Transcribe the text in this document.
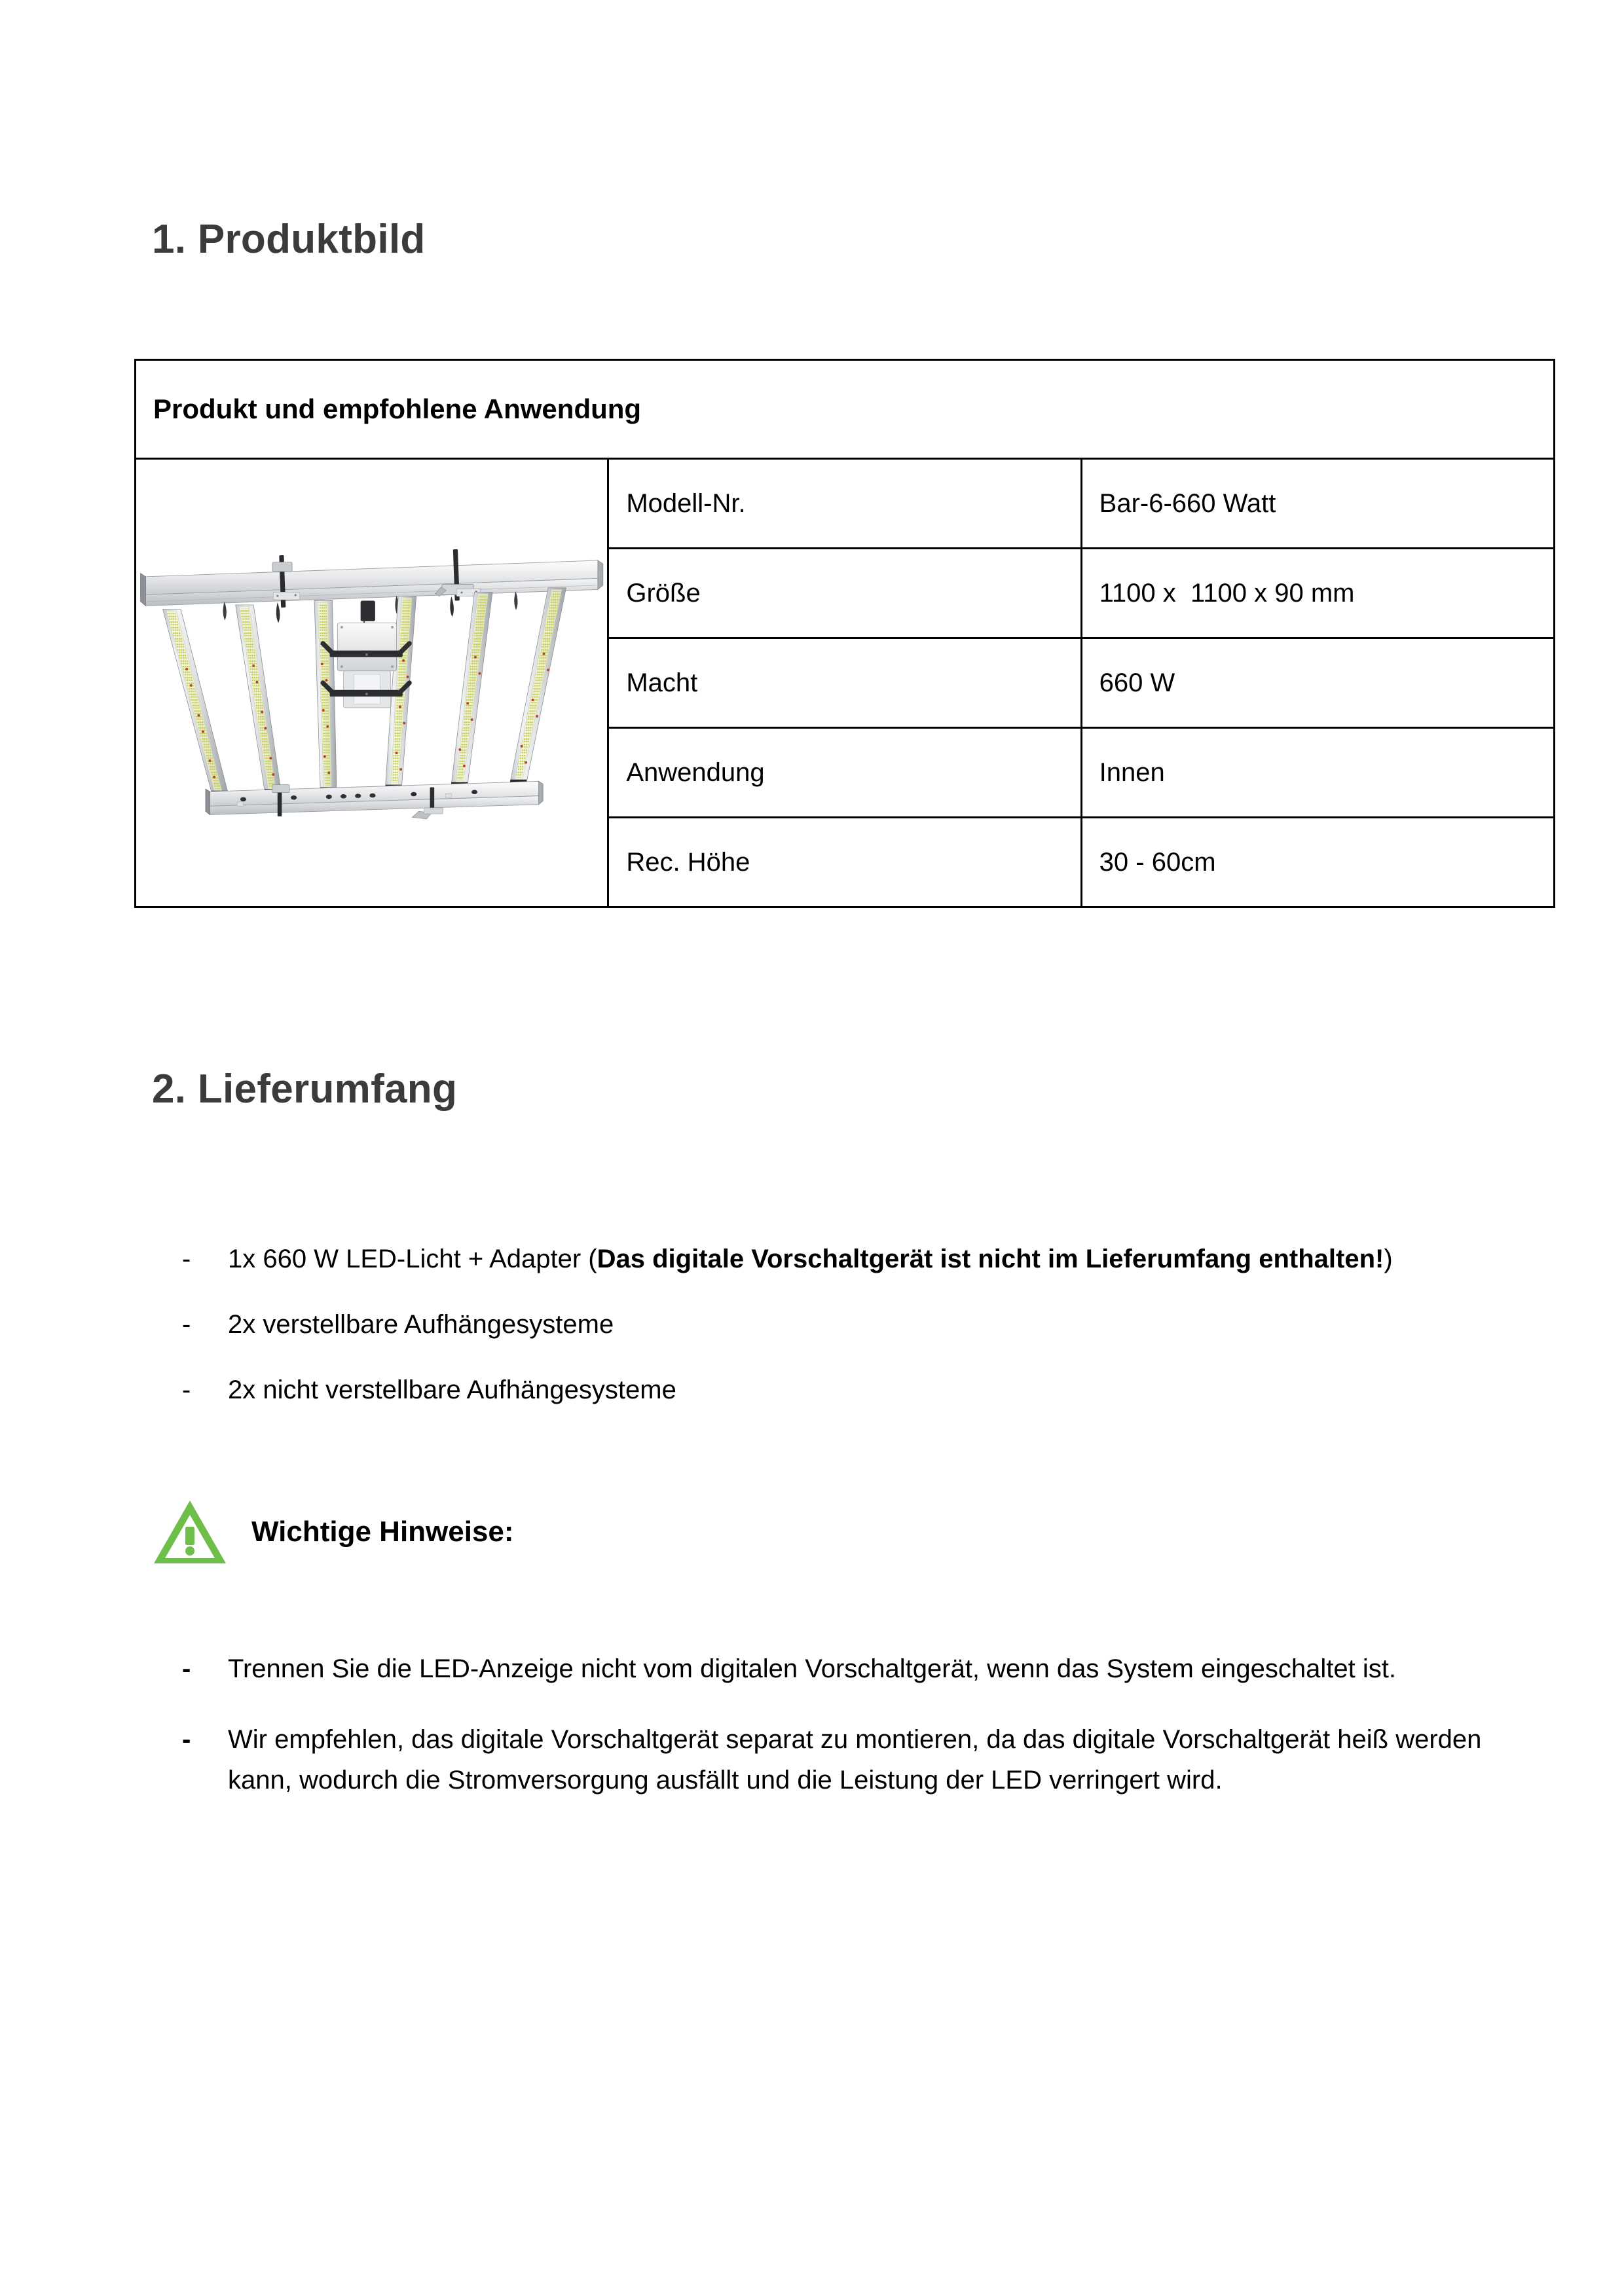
1. Produktbild
Produkt und empfohlene Anwendung		

	Modell-Nr.	Bar-6-660 Watt
	Größe	1100 x  1100 x 90 mm
	Macht	660 W
	Anwendung	Innen
	Rec. Höhe	30 - 60cm
2. Lieferumfang
- 1x 660 W LED-Licht + Adapter (Das digitale Vorschaltgerät ist nicht im Lieferumfang enthalten!)
- 2x verstellbare Aufhängesysteme
- 2x nicht verstellbare Aufhängesysteme
Wichtige Hinweise:
- Trennen Sie die LED-Anzeige nicht vom digitalen Vorschaltgerät, wenn das System eingeschaltet ist.
- Wir empfehlen, das digitale Vorschaltgerät separat zu montieren, da das digitale Vorschaltgerät heiß werden kann, wodurch die Stromversorgung ausfällt und die Leistung der LED verringert wird.
